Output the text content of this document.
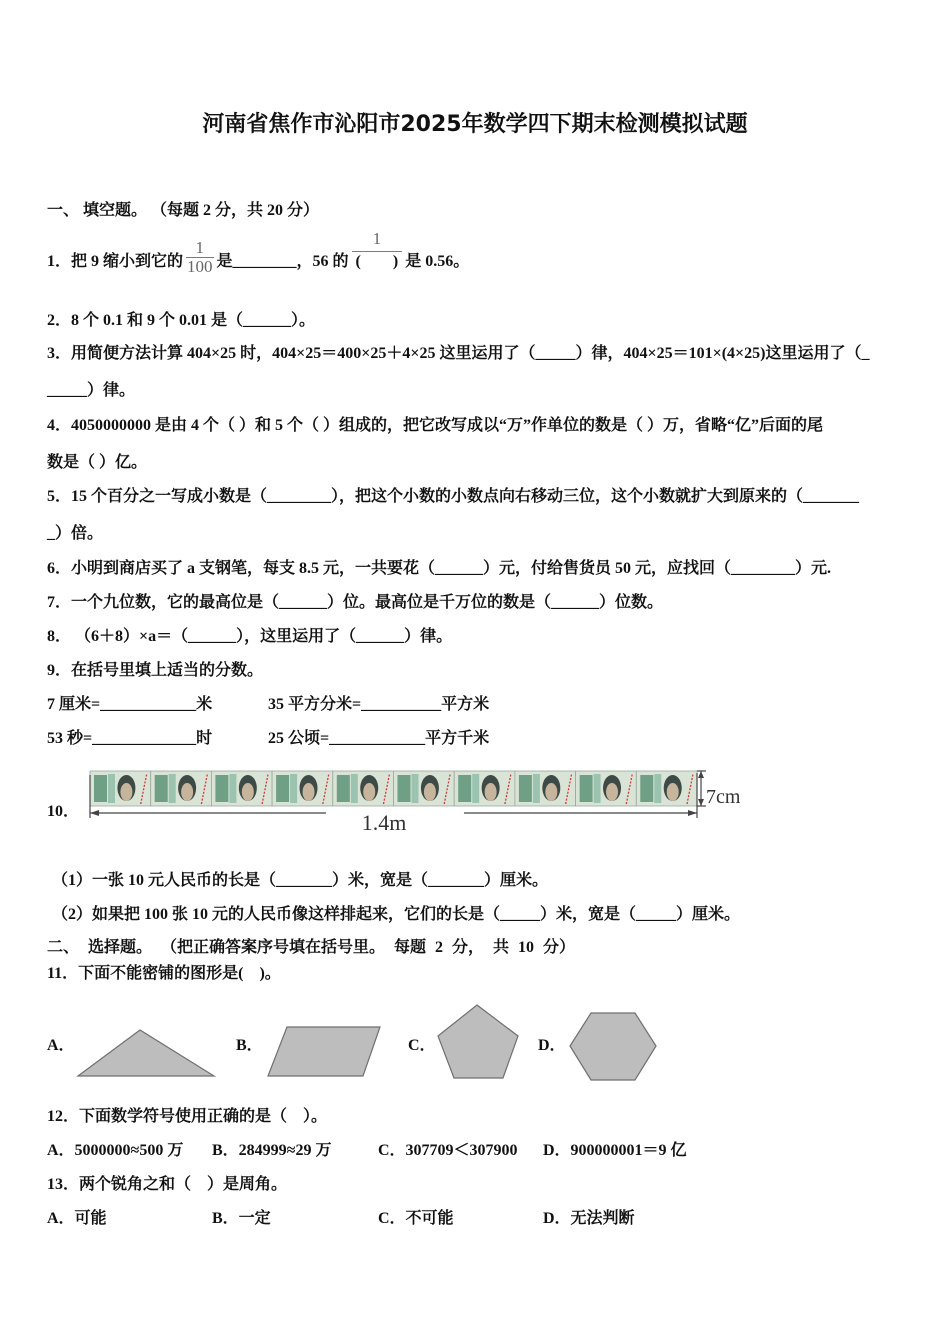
河南省焦作市沁阳市2025年数学四下期末检测模拟试题
一、 填空题。 （每题 2 分，共 20 分）
1．把 9 缩小到它的 $\frac{1}{100}$ 是________，56 的 $\frac{1}{( )}$ 是 0.56。
2．8 个 0.1 和 9 个 0.01 是（______）。
3．用简便方法计算 404×25 时，404×25＝400×25＋4×25 这里运用了（_____）律，404×25＝101×(4×25)这里运用了（_
_____）律。
4．4050000000 是由 4 个（ ）和 5 个（ ）组成的，把它改写成以“万”作单位的数是（ ）万，省略“亿”后面的尾
数是（ ）亿。
5．15 个百分之一写成小数是（________），把这个小数的小数点向右移动三位，这个小数就扩大到原来的（_______
_）倍。
6．小明到商店买了 a 支钢笔，每支 8.5 元，一共要花（______）元，付给售货员 50 元，应找回（________）元.
7．一个九位数，它的最高位是（______）位。最高位是千万位的数是（______）位数。
8． （6＋8）×a＝（______），这里运用了（______）律。
9．在括号里填上适当的分数。
7 厘米=____________米	35 平方分米=__________平方米
53 秒=_____________时	25 公顷=____________平方千米
10．	1.4m
7cm
（1）一张 10 元人民币的长是（_______）米，宽是（_______）厘米。
（2）如果把 100 张 10 元的人民币像这样排起来，它们的长是（_____）米，宽是（_____）厘米。
二、 选择题。 （把正确答案序号填在括号里。 每题 2 分， 共 10 分）
11．下面不能密铺的图形是(    )。
A．	B．	C．	D．
12．下面数学符号使用正确的是（    ）。
A．5000000≈500 万 B．284999≈29 万	C．307709＜307900 D．900000001＝9 亿
13．两个锐角之和（    ）是周角。
A．可能	B．一定	C．不可能	D．无法判断
